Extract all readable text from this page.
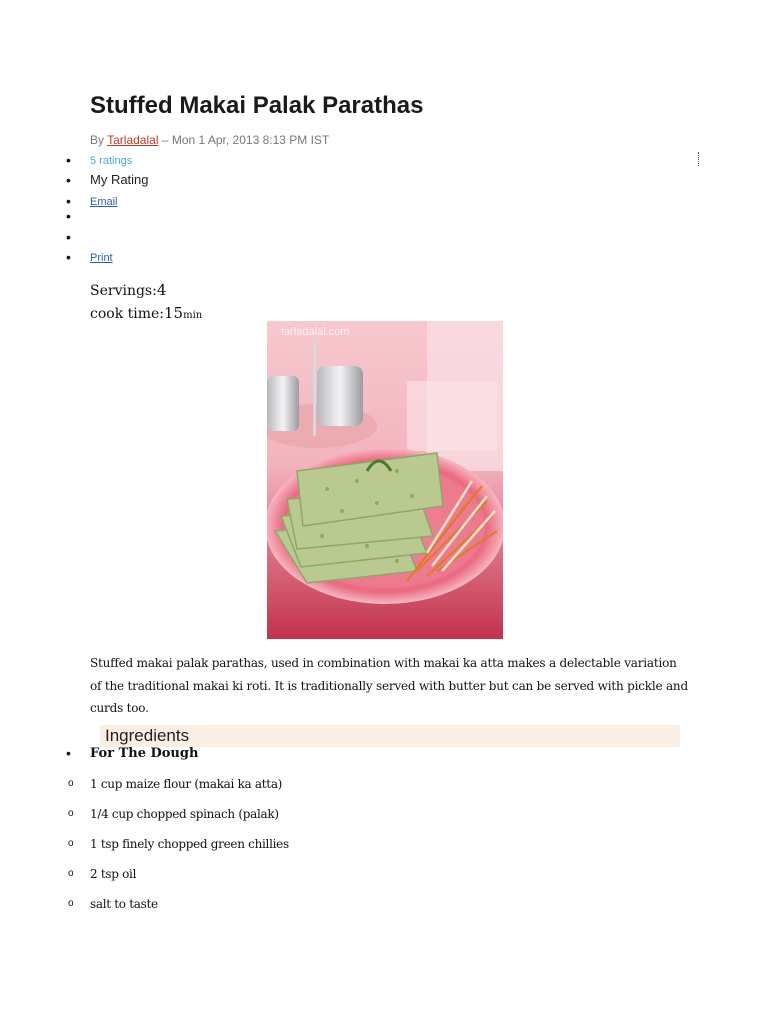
Stuffed Makai Palak Parathas
By Tarladalal – Mon 1 Apr, 2013 8:13 PM IST
• 5 ratings
• My Rating
• Email
•
•
• Print
Servings:4
cook time:15min
tarladalal.com

Stuffed makai palak parathas, used in combination with makai ka atta makes a delectable variation of the traditional makai ki roti. It is traditionally served with butter but can be served with pickle and curds too.

Ingredients
• For The Dough
o 1 cup maize flour (makai ka atta)
o 1/4 cup chopped spinach (palak)
o 1 tsp finely chopped green chillies
o 2 tsp oil
o salt to taste
